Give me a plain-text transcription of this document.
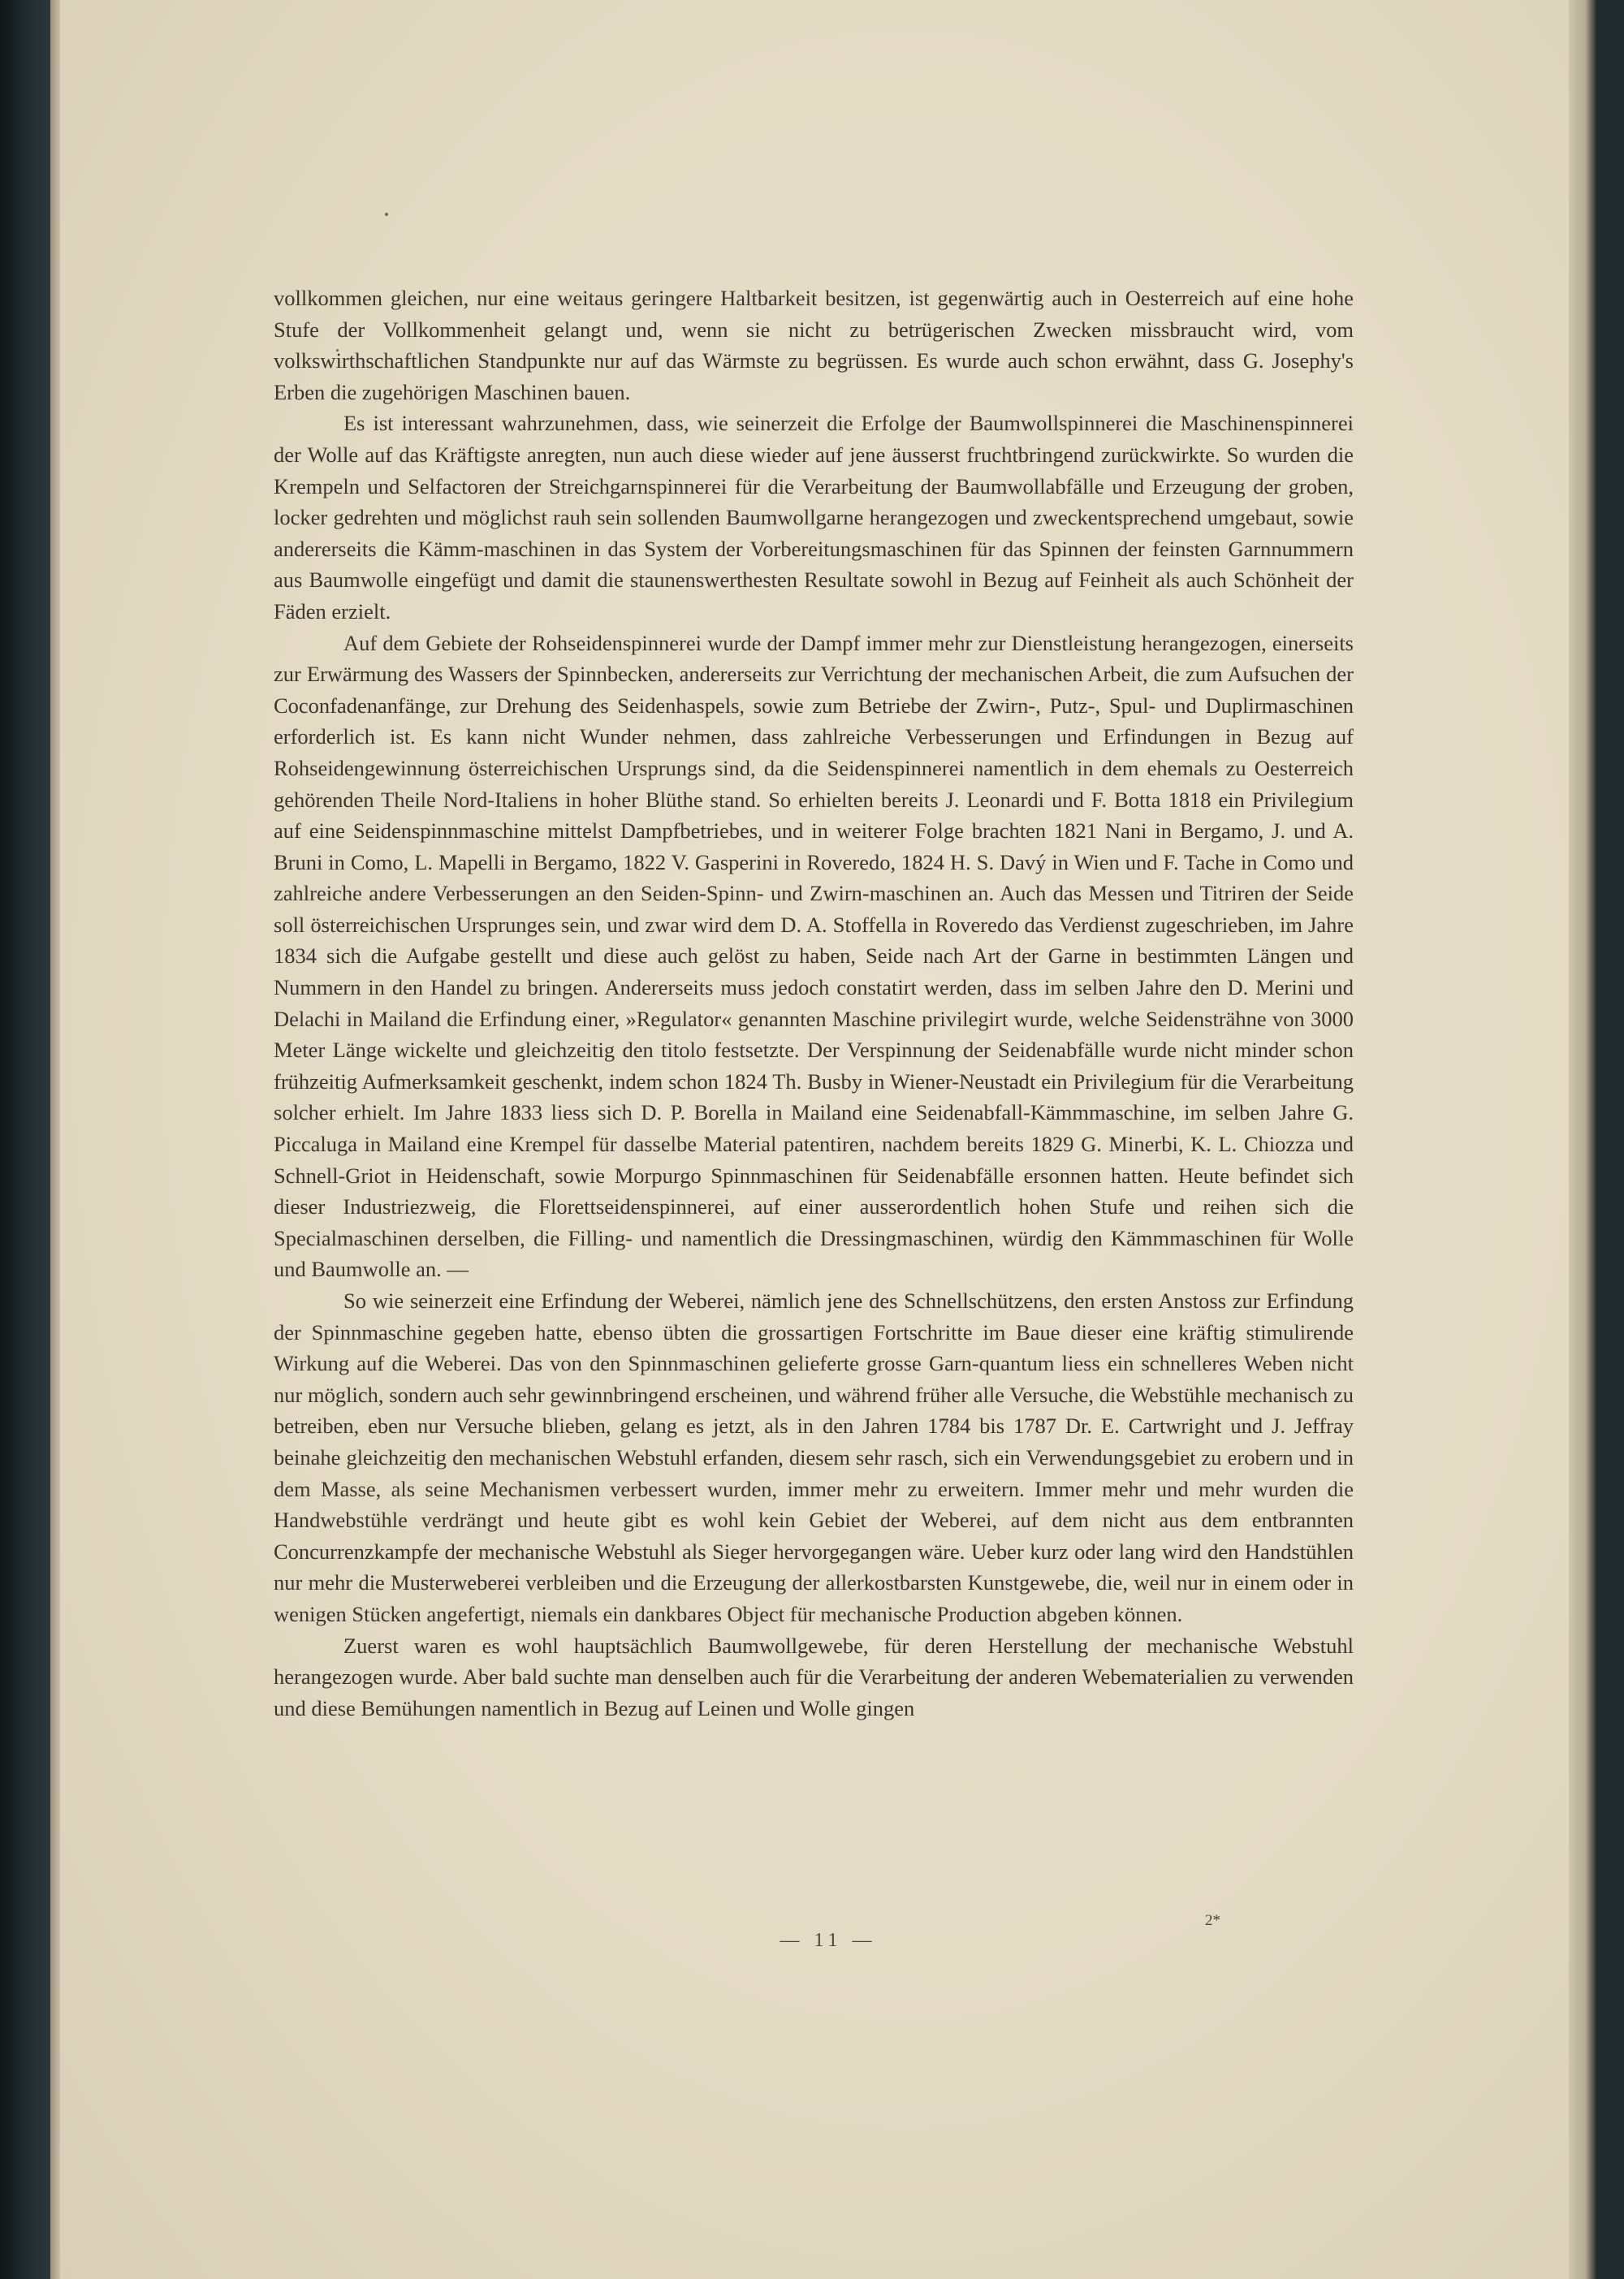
vollkommen gleichen, nur eine weitaus geringere Haltbarkeit besitzen, ist gegenwärtig auch in Oesterreich auf eine hohe Stufe der Vollkommenheit gelangt und, wenn sie nicht zu betrügerischen Zwecken missbraucht wird, vom volkswirthschaftlichen Standpunkte nur auf das Wärmste zu begrüssen. Es wurde auch schon erwähnt, dass G. Josephy's Erben die zugehörigen Maschinen bauen.

Es ist interessant wahrzunehmen, dass, wie seinerzeit die Erfolge der Baumwollspinnerei die Maschinenspinnerei der Wolle auf das Kräftigste anregten, nun auch diese wieder auf jene äusserst fruchtbringend zurückwirkte. So wurden die Krempeln und Selfactoren der Streichgarnspinnerei für die Verarbeitung der Baumwollabfälle und Erzeugung der groben, locker gedrehten und möglichst rauh sein sollenden Baumwollgarne herangezogen und zweckentsprechend umgebaut, sowie andererseits die Kämm-maschinen in das System der Vorbereitungsmaschinen für das Spinnen der feinsten Garnnummern aus Baumwolle eingefügt und damit die staunenswerthesten Resultate sowohl in Bezug auf Feinheit als auch Schönheit der Fäden erzielt.

Auf dem Gebiete der Rohseidenspinnerei wurde der Dampf immer mehr zur Dienstleistung herangezogen, einerseits zur Erwärmung des Wassers der Spinnbecken, andererseits zur Verrichtung der mechanischen Arbeit, die zum Aufsuchen der Coconfadenanfänge, zur Drehung des Seidenhaspels, sowie zum Betriebe der Zwirn-, Putz-, Spul- und Duplirmaschinen erforderlich ist. Es kann nicht Wunder nehmen, dass zahlreiche Verbesserungen und Erfindungen in Bezug auf Rohseidengewinnung österreichischen Ursprungs sind, da die Seidenspinnerei namentlich in dem ehemals zu Oesterreich gehörenden Theile Nord-Italiens in hoher Blüthe stand. So erhielten bereits J. Leonardi und F. Botta 1818 ein Privilegium auf eine Seidenspinnmaschine mittelst Dampfbetriebes, und in weiterer Folge brachten 1821 Nani in Bergamo, J. und A. Bruni in Como, L. Mapelli in Bergamo, 1822 V. Gasperini in Roveredo, 1824 H. S. Davý in Wien und F. Tache in Como und zahlreiche andere Verbesserungen an den Seiden-Spinn- und Zwirn-maschinen an. Auch das Messen und Titriren der Seide soll österreichischen Ursprunges sein, und zwar wird dem D. A. Stoffella in Roveredo das Verdienst zugeschrieben, im Jahre 1834 sich die Aufgabe gestellt und diese auch gelöst zu haben, Seide nach Art der Garne in bestimmten Längen und Nummern in den Handel zu bringen. Andererseits muss jedoch constatirt werden, dass im selben Jahre den D. Merini und Delachi in Mailand die Erfindung einer, »Regulator« genannten Maschine privilegirt wurde, welche Seidensträhne von 3000 Meter Länge wickelte und gleichzeitig den titolo festsetzte. Der Verspinnung der Seidenabfälle wurde nicht minder schon frühzeitig Aufmerksamkeit geschenkt, indem schon 1824 Th. Busby in Wiener-Neustadt ein Privilegium für die Verarbeitung solcher erhielt. Im Jahre 1833 liess sich D. P. Borella in Mailand eine Seidenabfall-Kämmmaschine, im selben Jahre G. Piccaluga in Mailand eine Krempel für dasselbe Material patentiren, nachdem bereits 1829 G. Minerbi, K. L. Chiozza und Schnell-Griot in Heidenschaft, sowie Morpurgo Spinnmaschinen für Seidenabfälle ersonnen hatten. Heute befindet sich dieser Industriezweig, die Florettseidenspinnerei, auf einer ausserordentlich hohen Stufe und reihen sich die Specialmaschinen derselben, die Filling- und namentlich die Dressingmaschinen, würdig den Kämmmaschinen für Wolle und Baumwolle an. —

So wie seinerzeit eine Erfindung der Weberei, nämlich jene des Schnellschützens, den ersten Anstoss zur Erfindung der Spinnmaschine gegeben hatte, ebenso übten die grossartigen Fortschritte im Baue dieser eine kräftig stimulirende Wirkung auf die Weberei. Das von den Spinnmaschinen gelieferte grosse Garn-quantum liess ein schnelleres Weben nicht nur möglich, sondern auch sehr gewinnbringend erscheinen, und während früher alle Versuche, die Webstühle mechanisch zu betreiben, eben nur Versuche blieben, gelang es jetzt, als in den Jahren 1784 bis 1787 Dr. E. Cartwright und J. Jeffray beinahe gleichzeitig den mechanischen Webstuhl erfanden, diesem sehr rasch, sich ein Verwendungsgebiet zu erobern und in dem Masse, als seine Mechanismen verbessert wurden, immer mehr zu erweitern. Immer mehr und mehr wurden die Handwebstühle verdrängt und heute gibt es wohl kein Gebiet der Weberei, auf dem nicht aus dem entbrannten Concurrenzkampfe der mechanische Webstuhl als Sieger hervorgegangen wäre. Ueber kurz oder lang wird den Handstühlen nur mehr die Musterweberei verbleiben und die Erzeugung der allerkostbarsten Kunstgewebe, die, weil nur in einem oder in wenigen Stücken angefertigt, niemals ein dankbares Object für mechanische Production abgeben können.

Zuerst waren es wohl hauptsächlich Baumwollgewebe, für deren Herstellung der mechanische Webstuhl herangezogen wurde. Aber bald suchte man denselben auch für die Verarbeitung der anderen Webematerialien zu verwenden und diese Bemühungen namentlich in Bezug auf Leinen und Wolle gingen

2*
— 11 —
